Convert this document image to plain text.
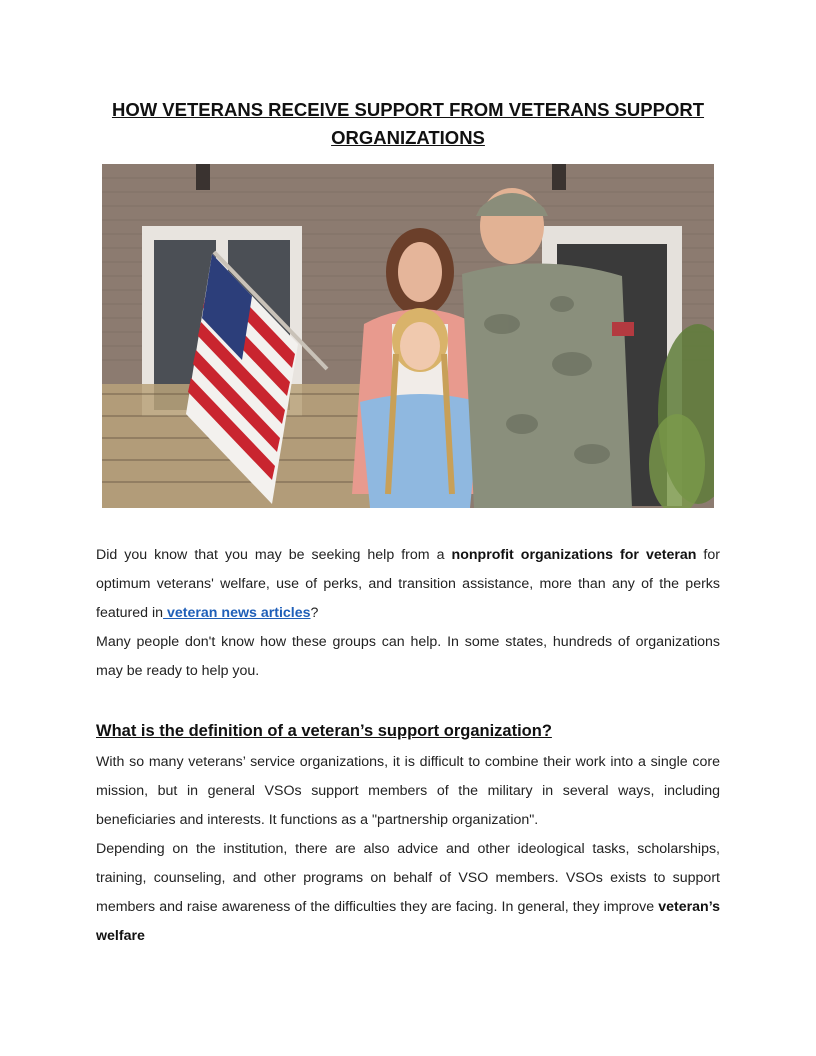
HOW VETERANS RECEIVE SUPPORT FROM VETERANS SUPPORT ORGANIZATIONS

Did you know that you may be seeking help from a nonprofit organizations for veteran for optimum veterans' welfare, use of perks, and transition assistance, more than any of the perks featured in veteran news articles?

Many people don't know how these groups can help. In some states, hundreds of organizations may be ready to help you.

What is the definition of a veteran’s support organization?

With so many veterans’ service organizations, it is difficult to combine their work into a single core mission, but in general VSOs support members of the military in several ways, including beneficiaries and interests. It functions as a "partnership organization".

Depending on the institution, there are also advice and other ideological tasks, scholarships, training, counseling, and other programs on behalf of VSO members. VSOs exists to support members and raise awareness of the difficulties they are facing. In general, they improve veteran’s welfare
